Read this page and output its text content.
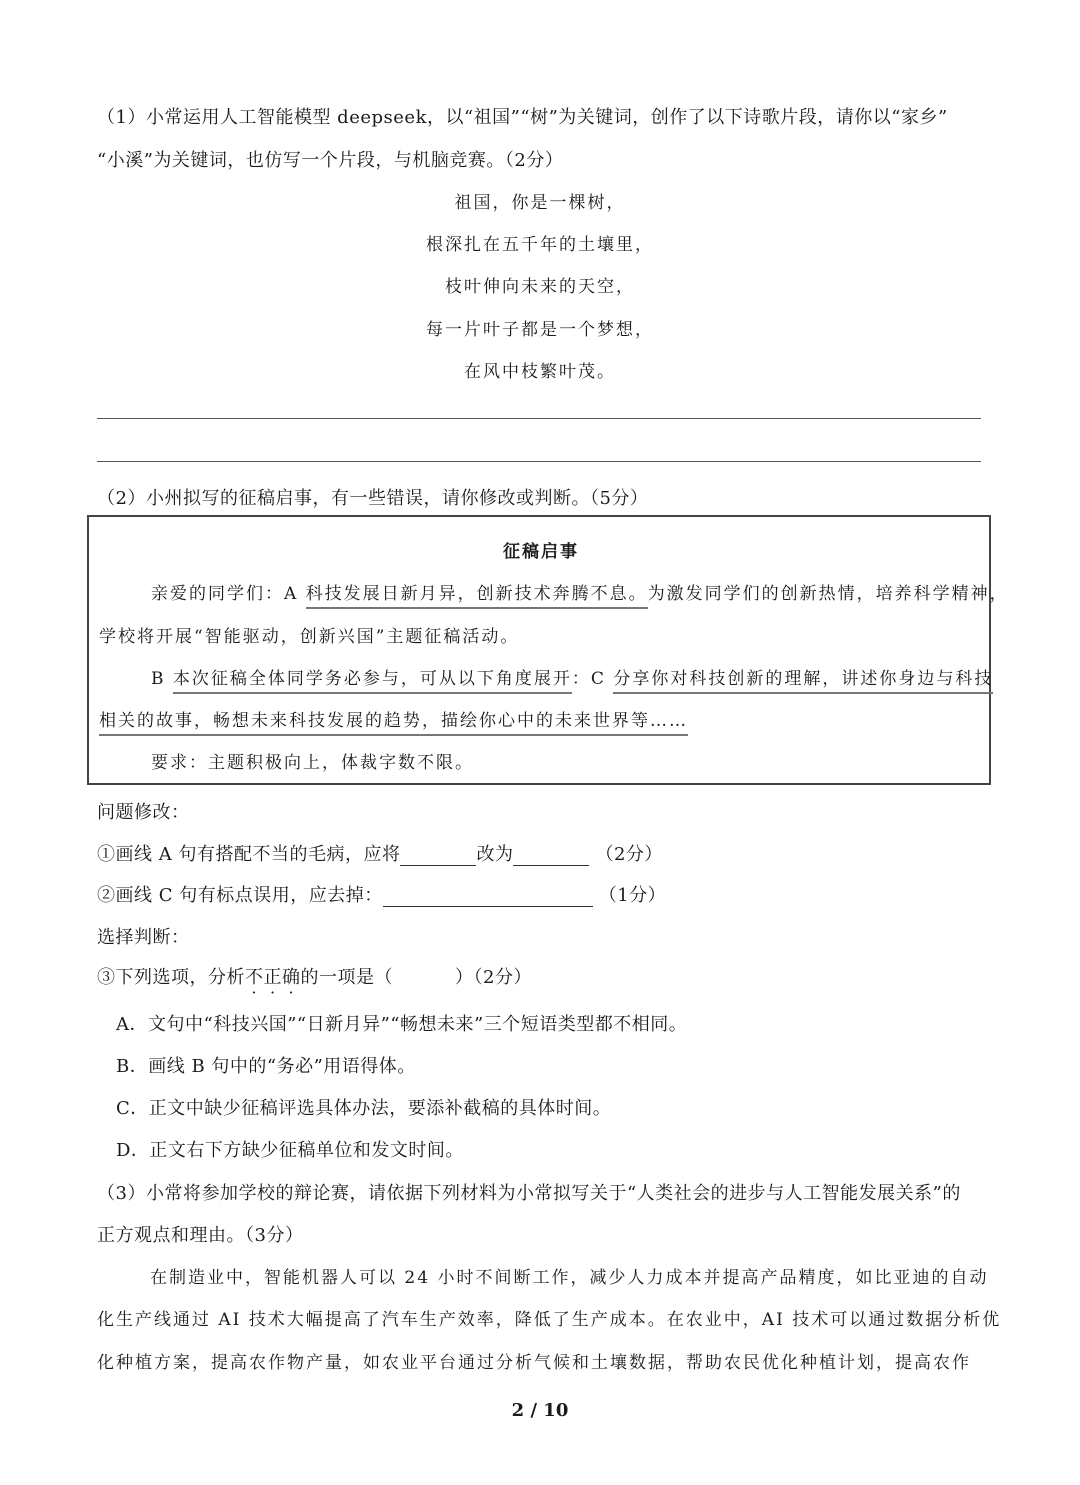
（1）小常运用人工智能模型 deepseek，以“祖国”“树”为关键词，创作了以下诗歌片段，请你以“家乡”
“小溪”为关键词，也仿写一个片段，与机脑竞赛。（2分）
祖国，你是一棵树，
根深扎在五千年的土壤里，
枝叶伸向未来的天空，
每一片叶子都是一个梦想，
在风中枝繁叶茂。
（2）小州拟写的征稿启事，有一些错误，请你修改或判断。（5分）
征稿启事
亲爱的同学们：A 科技发展日新月异，创新技术奔腾不息。为激发同学们的创新热情，培养科学精神，
学校将开展“智能驱动，创新兴国”主题征稿活动。
B 本次征稿全体同学务必参与，可从以下角度展开：C 分享你对科技创新的理解，讲述你身边与科技
相关的故事，畅想未来科技发展的趋势，描绘你心中的未来世界等……
要求：主题积极向上，体裁字数不限。
问题修改：
①画线 A 句有搭配不当的毛病，应将	改为	（2分）
②画线 C 句有标点误用，应去掉：	（1分）
选择判断：
③下列选项，分析不正确的一项是（	）（2分）
A．文句中“科技兴国”“日新月异”“畅想未来”三个短语类型都不相同。
B．画线 B 句中的“务必”用语得体。
C．正文中缺少征稿评选具体办法，要添补截稿的具体时间。
D．正文右下方缺少征稿单位和发文时间。
（3）小常将参加学校的辩论赛，请依据下列材料为小常拟写关于“人类社会的进步与人工智能发展关系”的
正方观点和理由。（3分）
在制造业中，智能机器人可以 24 小时不间断工作，减少人力成本并提高产品精度，如比亚迪的自动
化生产线通过 AI 技术大幅提高了汽车生产效率，降低了生产成本。在农业中，AI 技术可以通过数据分析优
化种植方案，提高农作物产量，如农业平台通过分析气候和土壤数据，帮助农民优化种植计划，提高农作
2 / 10
